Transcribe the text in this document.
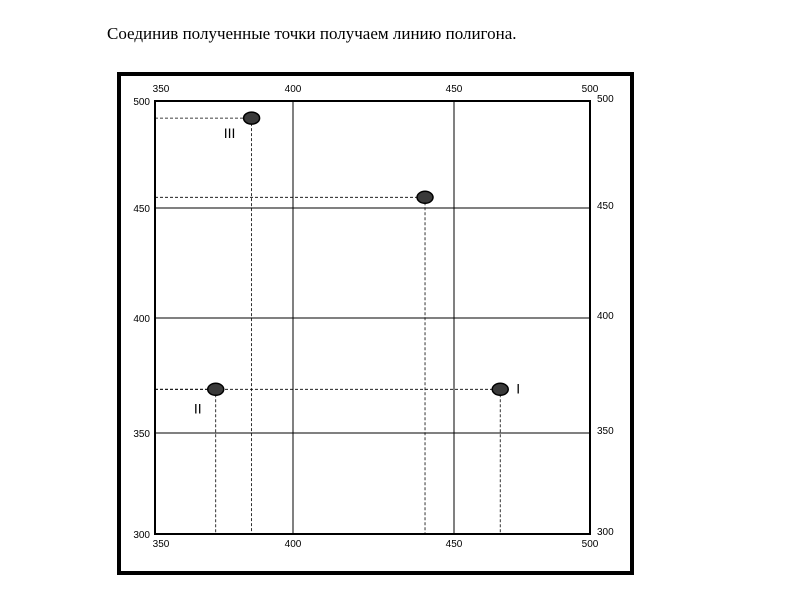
Соединив полученные точки получаем линию полигона.
I
II
III
350
350
400
400
450
450
500
500
300
350
400
450
500
300
350
400
450
500
